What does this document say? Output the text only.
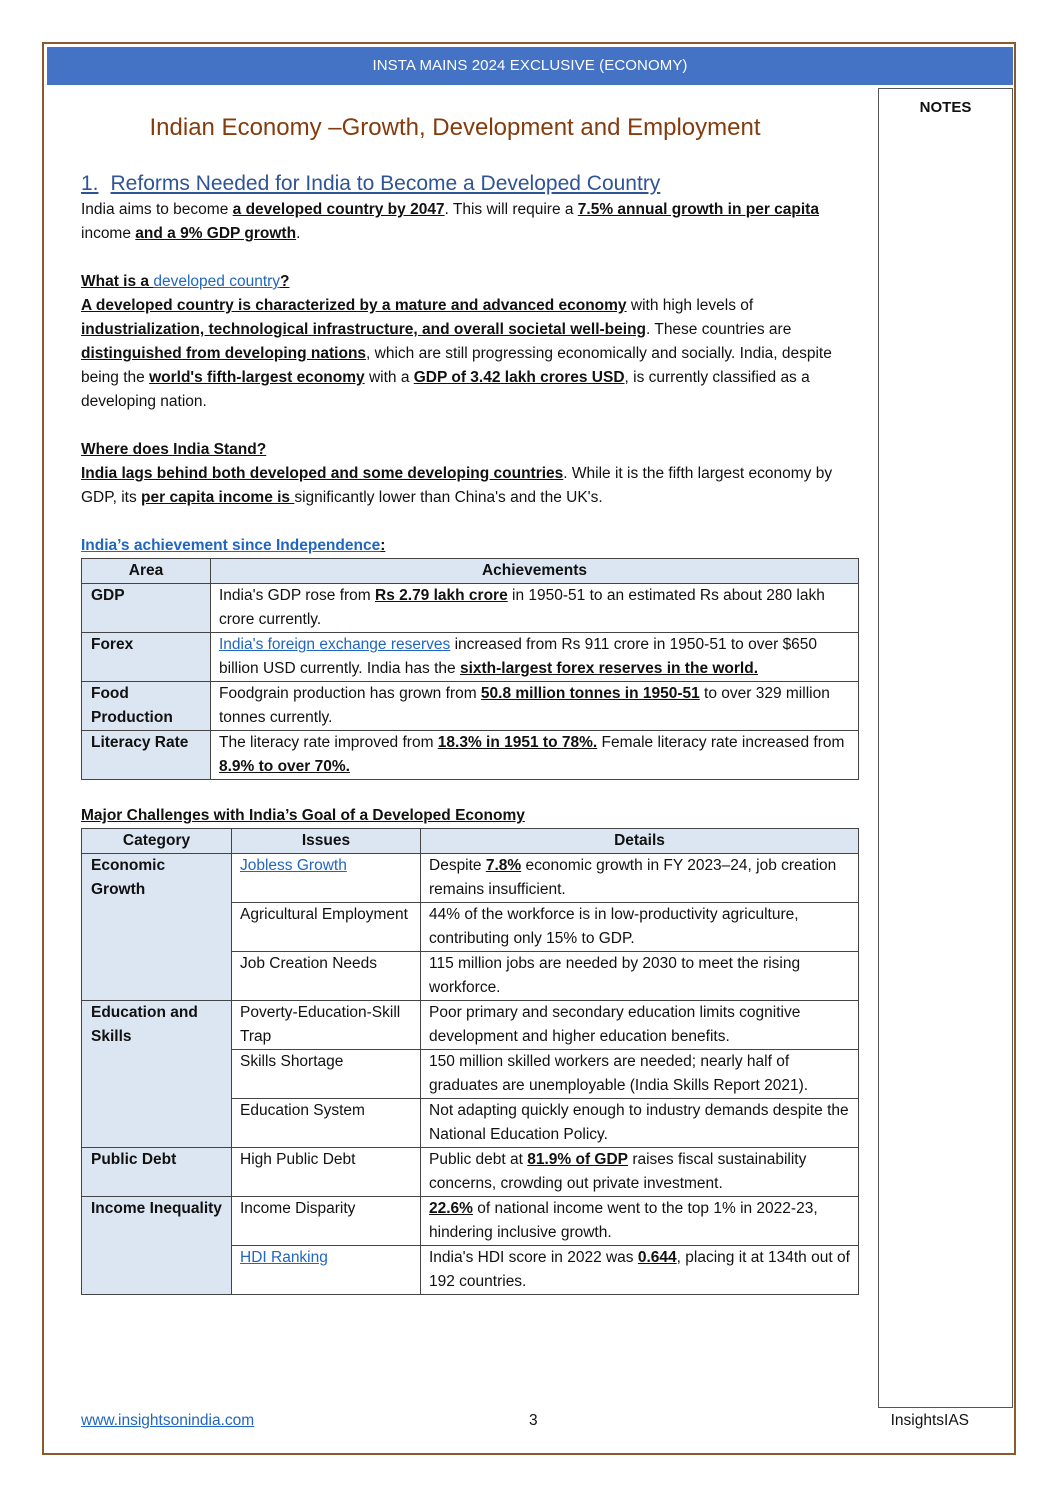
INSTA MAINS 2024 EXCLUSIVE (ECONOMY)
NOTES
Indian Economy –Growth, Development and Employment
1. Reforms Needed for India to Become a Developed Country

India aims to become a developed country by 2047. This will require a 7.5% annual growth in per capita income and a 9% GDP growth.

What is a developed country?

A developed country is characterized by a mature and advanced economy with high levels of industrialization, technological infrastructure, and overall societal well-being. These countries are distinguished from developing nations, which are still progressing economically and socially. India, despite being the world's fifth-largest economy with a GDP of 3.42 lakh crores USD, is currently classified as a developing nation.

Where does India Stand?

India lags behind both developed and some developing countries. While it is the fifth largest economy by GDP, its per capita income is significantly lower than China's and the UK's.

India’s achievement since Independence:
Area	Achievements
GDP	India's GDP rose from Rs 2.79 lakh crore in 1950-51 to an estimated Rs about 280 lakh crore currently.
Forex	India's foreign exchange reserves increased from Rs 911 crore in 1950-51 to over $650 billion USD currently. India has the sixth-largest forex reserves in the world.
Food Production	Foodgrain production has grown from 50.8 million tonnes in 1950-51 to over 329 million tonnes currently.
Literacy Rate	The literacy rate improved from 18.3% in 1951 to 78%. Female literacy rate increased from 8.9% to over 70%.
Major Challenges with India’s Goal of a Developed Economy
Category	Issues	Details
Economic Growth	Jobless Growth	Despite 7.8% economic growth in FY 2023–24, job creation remains insufficient.
	Agricultural Employment	44% of the workforce is in low-productivity agriculture, contributing only 15% to GDP.
	Job Creation Needs	115 million jobs are needed by 2030 to meet the rising workforce.
Education and Skills	Poverty-Education-Skill Trap	Poor primary and secondary education limits cognitive development and higher education benefits.
	Skills Shortage	150 million skilled workers are needed; nearly half of graduates are unemployable (India Skills Report 2021).
	Education System	Not adapting quickly enough to industry demands despite the National Education Policy.
Public Debt	High Public Debt	Public debt at 81.9% of GDP raises fiscal sustainability concerns, crowding out private investment.
Income Inequality	Income Disparity	22.6% of national income went to the top 1% in 2022-23, hindering inclusive growth.
	HDI Ranking	India's HDI score in 2022 was 0.644, placing it at 134th out of 192 countries.
www.insightsonindia.com	3	InsightsIAS
